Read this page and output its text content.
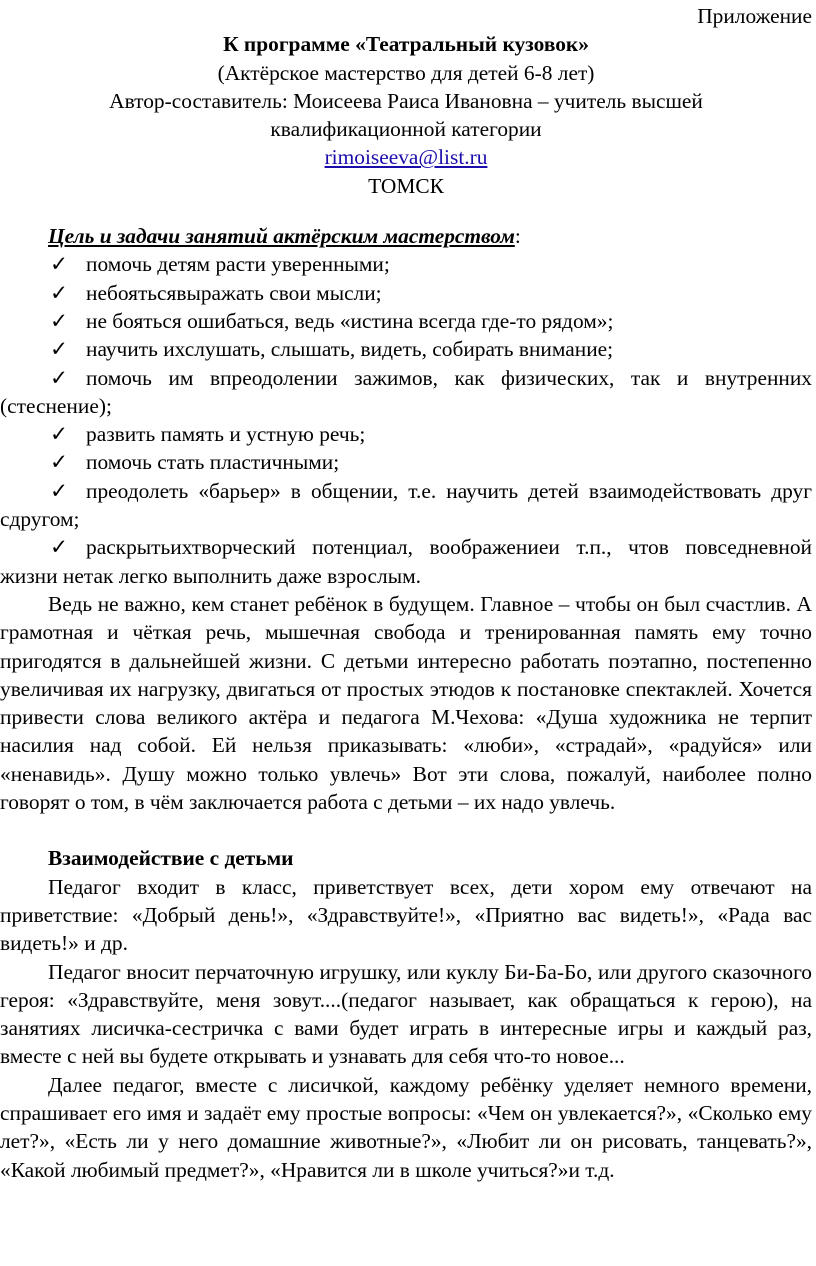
Приложение

К программе «Театральный кузовок»

(Актёрское мастерство для детей 6-8 лет)

Автор-составитель: Моисеева Раиса Ивановна – учитель высшей квалификационной категории

rimoiseeva@list.ru

ТОМСК

Цель и задачи занятий актёрским мастерством:

✓ помочь детям расти уверенными;

✓ небоятьсявыражать свои мысли;

✓ не бояться ошибаться, ведь «истина всегда где-то рядом»;

✓ научить ихслушать, слышать, видеть, собирать внимание;

✓ помочь им впреодолении зажимов, как физических, так и внутренних (стеснение);

✓ развить память и устную речь;

✓ помочь стать пластичными;

✓ преодолеть «барьер» в общении, т.е. научить детей взаимодействовать друг сдругом;

✓ раскрытьихтворческий потенциал, воображениеи т.п., чтов повседневной жизни нетак легко выполнить даже взрослым.

Ведь не важно, кем станет ребёнок в будущем. Главное – чтобы он был счастлив. А грамотная и чёткая речь, мышечная свобода и тренированная память ему точно пригодятся в дальнейшей жизни. С детьми интересно работать поэтапно, постепенно увеличивая их нагрузку, двигаться от простых этюдов к постановке спектаклей. Хочется привести слова великого актёра и педагога М.Чехова: «Душа художника не терпит насилия над собой. Ей нельзя приказывать: «люби», «страдай», «радуйся» или «ненавидь». Душу можно только увлечь» Вот эти слова, пожалуй, наиболее полно говорят о том, в чём заключается работа с детьми – их надо увлечь.

Взаимодействие с детьми

Педагог входит в класс, приветствует всех, дети хором ему отвечают на приветствие: «Добрый день!», «Здравствуйте!», «Приятно вас видеть!», «Рада вас видеть!» и др.

Педагог вносит перчаточную игрушку, или куклу Би-Ба-Бо, или другого сказочного героя: «Здравствуйте, меня зовут....(педагог называет, как обращаться к герою), на занятиях лисичка-сестричка с вами будет играть в интересные игры и каждый раз, вместе с ней вы будете открывать и узнавать для себя что-то новое...

Далее педагог, вместе с лисичкой, каждому ребёнку уделяет немного времени, спрашивает его имя и задаёт ему простые вопросы: «Чем он увлекается?», «Сколько ему лет?», «Есть ли у него домашние животные?», «Любит ли он рисовать, танцевать?», «Какой любимый предмет?», «Нравится ли в школе учиться?»и т.д.
